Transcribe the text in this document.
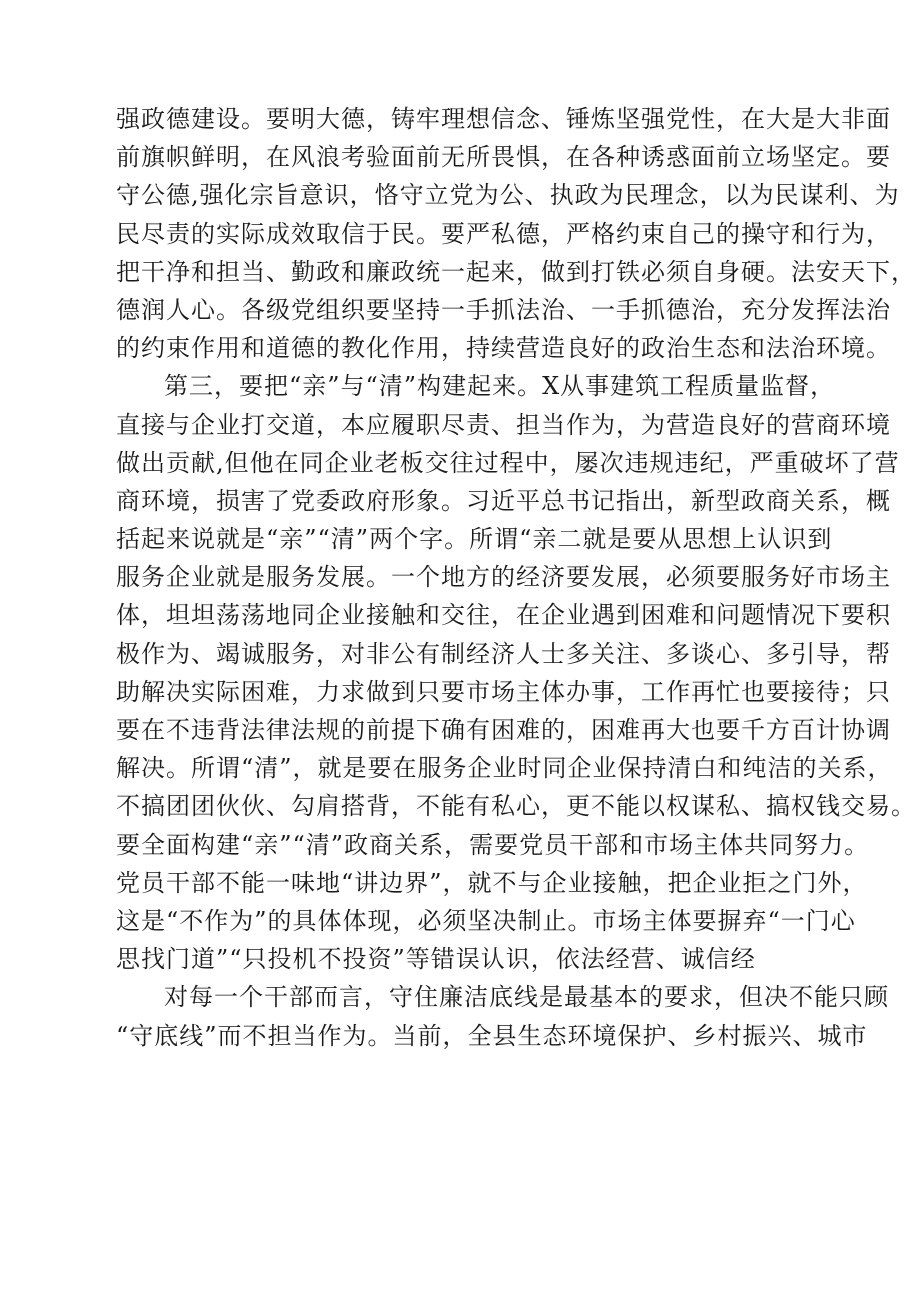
强政德建设。要明大德，铸牢理想信念、锤炼坚强党性，在大是大非面
前旗帜鲜明，在风浪考验面前无所畏惧，在各种诱惑面前立场坚定。要
守公德,强化宗旨意识，恪守立党为公、执政为民理念，以为民谋利、为
民尽责的实际成效取信于民。要严私德，严格约束自己的操守和行为，
把干净和担当、勤政和廉政统一起来，做到打铁必须自身硬。法安天下，
德润人心。各级党组织要坚持一手抓法治、一手抓德治，充分发挥法治
的约束作用和道德的教化作用，持续营造良好的政治生态和法治环境。
第三，要把“亲”与“清”构建起来。X从事建筑工程质量监督，
直接与企业打交道，本应履职尽责、担当作为，为营造良好的营商环境
做出贡献,但他在同企业老板交往过程中，屡次违规违纪，严重破坏了营
商环境，损害了党委政府形象。习近平总书记指出，新型政商关系，概
括起来说就是“亲”“清”两个字。所谓“亲二就是要从思想上认识到
服务企业就是服务发展。一个地方的经济要发展，必须要服务好市场主
体，坦坦荡荡地同企业接触和交往，在企业遇到困难和问题情况下要积
极作为、竭诚服务，对非公有制经济人士多关注、多谈心、多引导，帮
助解决实际困难，力求做到只要市场主体办事，工作再忙也要接待；只
要在不违背法律法规的前提下确有困难的，困难再大也要千方百计协调
解决。所谓“清”，就是要在服务企业时同企业保持清白和纯洁的关系，
不搞团团伙伙、勾肩搭背，不能有私心，更不能以权谋私、搞权钱交易。
要全面构建“亲”“清”政商关系，需要党员干部和市场主体共同努力。
党员干部不能一味地“讲边界”，就不与企业接触，把企业拒之门外，
这是“不作为”的具体体现，必须坚决制止。市场主体要摒弃“一门心
思找门道”“只投机不投资”等错误认识，依法经营、诚信经
对每一个干部而言，守住廉洁底线是最基本的要求，但决不能只顾
“守底线”而不担当作为。当前，全县生态环境保护、乡村振兴、城市
